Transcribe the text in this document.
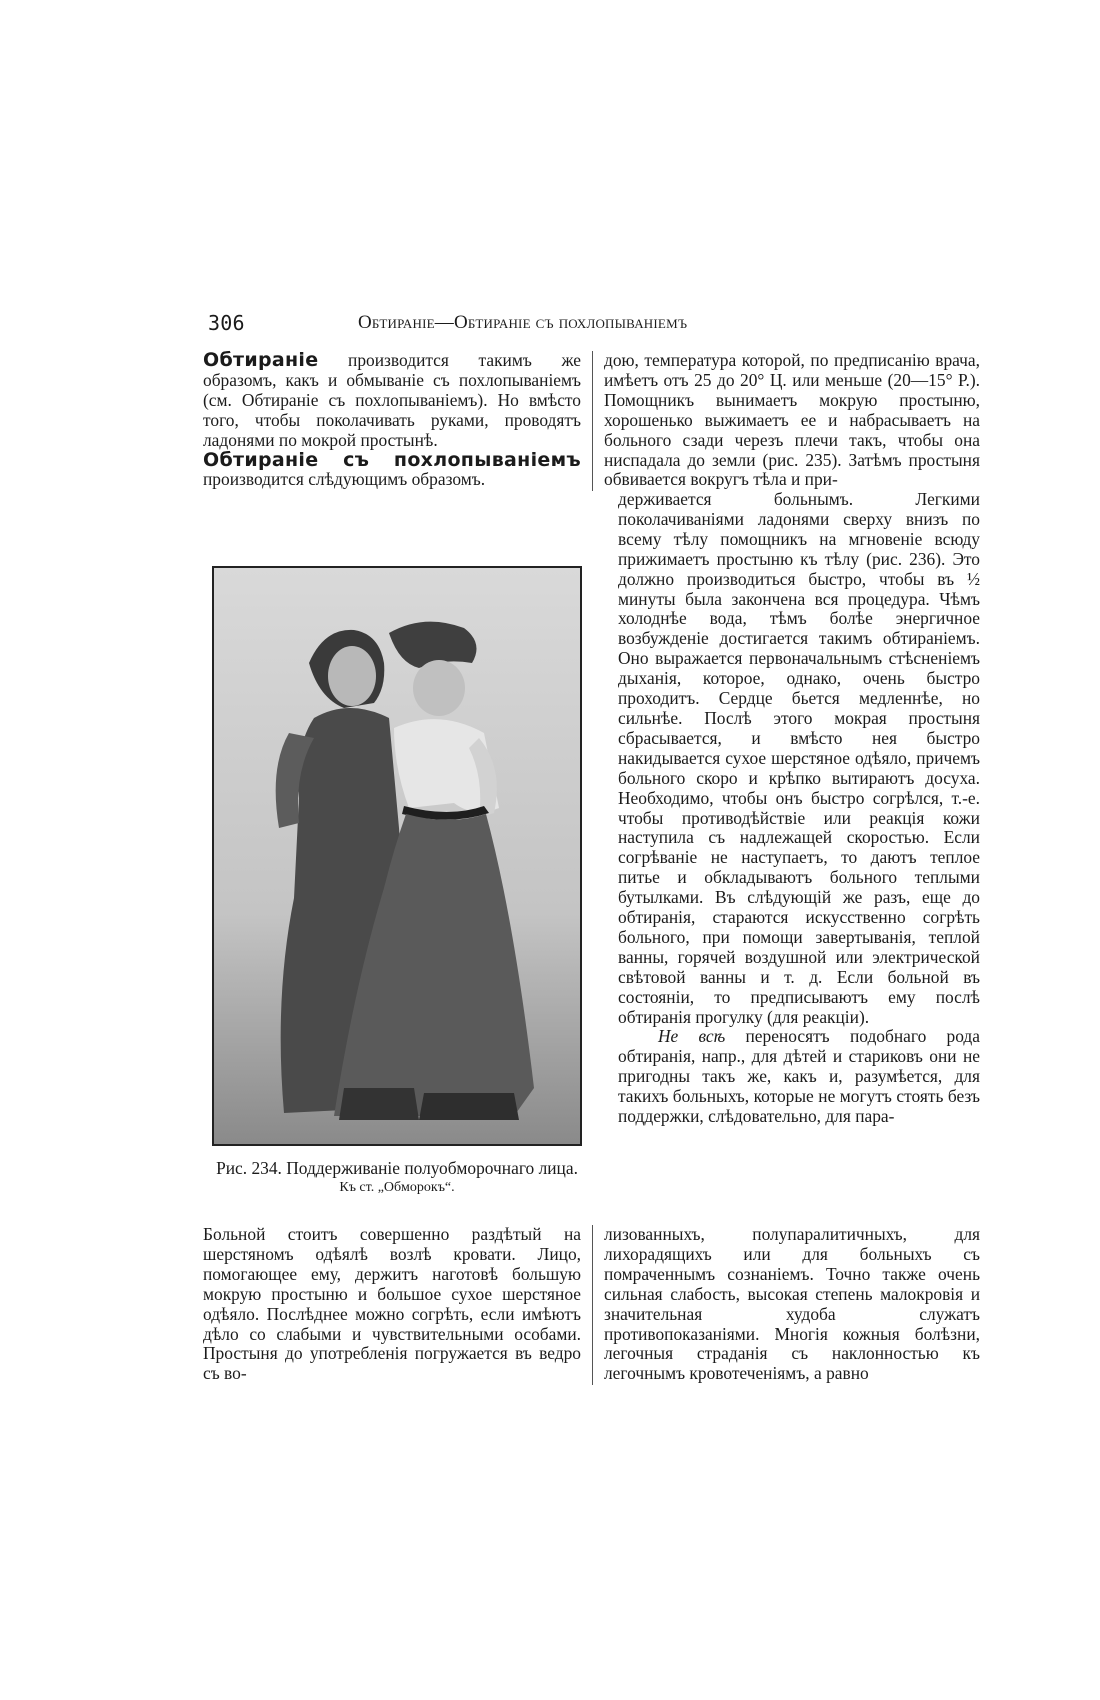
306	Обтиранie—Обтиранie съ похлопыванiемъ

Обтиранiе производится такимъ же образомъ, какъ и обмыванiе съ похлопыванiемъ (см. Обтиранiе съ похлопыванiемъ). Но вмѣсто того, чтобы поколачивать руками, проводятъ ладонями по мокрой простынѣ.

Обтиранiе съ похлопыванiемъ производится слѣдующимъ образомъ.

Рис. 234. Поддерживанiе полуобморочнаго лица.
Къ ст. „Обморокъ“.

Больной стоитъ совершенно раздѣтый на шерстяномъ одѣялѣ возлѣ кровати. Лицо, помогающее ему, держитъ наготовѣ большую мокрую простыню и большое сухое шерстяное одѣяло. Послѣднее можно согрѣть, если имѣютъ дѣло со слабыми и чувствительными особами. Простыня до употребленiя погружается въ ведро съ во-

дою, температура которой, по предписанiю врача, имѣетъ отъ 25 до 20° Ц. или меньше (20—15° Р.). Помощникъ вынимаетъ мокрую простыню, хорошенько выжимаетъ ее и набрасываетъ на больного сзади черезъ плечи такъ, чтобы она ниспадала до земли (рис. 235). Затѣмъ простыня обвивается вокругъ тѣла и при-

держивается больнымъ. Легкими поколачиванiями ладонями сверху внизъ по всему тѣлу помощникъ на мгновенiе всюду прижимаетъ простыню къ тѣлу (рис. 236). Это должно производиться быстро, чтобы въ ½ минуты была закончена вся процедура. Чѣмъ холоднѣе вода, тѣмъ болѣе энергичное возбужденiе достигается такимъ обтиранiемъ. Оно выражается первоначальнымъ стѣсненiемъ дыханiя, которое, однако, очень быстро проходитъ. Сердце бьется медленнѣе, но сильнѣе. Послѣ этого мокрая простыня сбрасывается, и вмѣсто нея быстро накидывается сухое шерстяное одѣяло, причемъ больного скоро и крѣпко вытираютъ досуха. Необходимо, чтобы онъ быстро согрѣлся, т.-е. чтобы противодѣйствiе или реакцiя кожи наступила съ надлежащей скоростью. Если согрѣванiе не наступаетъ, то даютъ теплое питье и обкладываютъ больного теплыми бутылками. Въ слѣдующiй же разъ, еще до обтиранiя, стараются искусственно согрѣть больного, при помощи завертыванiя, теплой ванны, горячей воздушной или электрической свѣтовой ванны и т. д. Если больной въ состоянiи, то предписываютъ ему послѣ обтиранiя прогулку (для реакцiи).

Не всѣ переносятъ подобнаго рода обтиранiя, напр., для дѣтей и стариковъ они не пригодны такъ же, какъ и, разумѣется, для такихъ больныхъ, которые не могутъ стоять безъ поддержки, слѣдовательно, для пара-

лизованныхъ, полупаралитичныхъ, для лихорадящихъ или для больныхъ съ помраченнымъ сознанiемъ. Точно также очень сильная слабость, высокая степень малокровiя и значительная худоба служатъ противопоказанiями. Многiя кожныя болѣзни, легочныя страданiя съ наклонностью къ легочнымъ кровотеченiямъ, а равно
